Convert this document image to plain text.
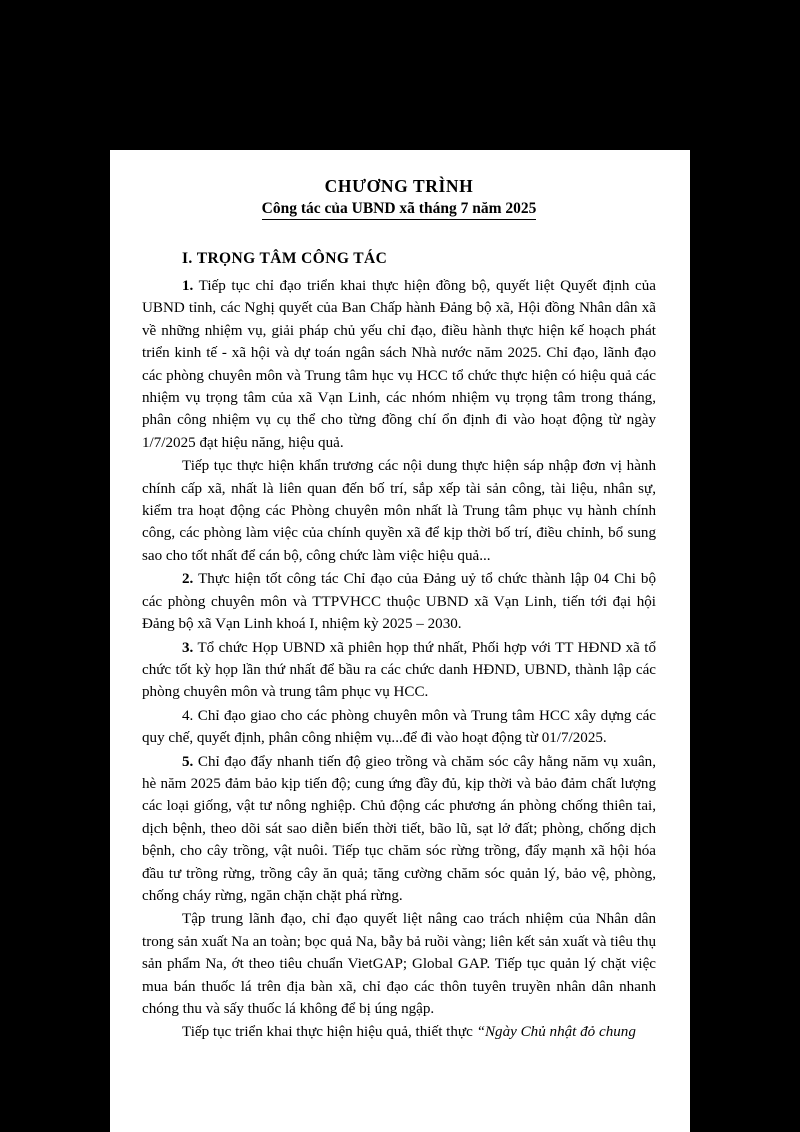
CHƯƠNG TRÌNH
Công tác của UBND xã tháng 7 năm 2025
I. TRỌNG TÂM CÔNG TÁC

1. Tiếp tục chỉ đạo triển khai thực hiện đồng bộ, quyết liệt Quyết định của UBND tỉnh, các Nghị quyết của Ban Chấp hành Đảng bộ xã, Hội đồng Nhân dân xã về những nhiệm vụ, giải pháp chủ yếu chỉ đạo, điều hành thực hiện kế hoạch phát triển kinh tế - xã hội và dự toán ngân sách Nhà nước năm 2025. Chỉ đạo, lãnh đạo các phòng chuyên môn và Trung tâm hục vụ HCC tổ chức thực hiện có hiệu quả các nhiệm vụ trọng tâm của xã Vạn Linh, các nhóm nhiệm vụ trọng tâm trong tháng, phân công nhiệm vụ cụ thể cho từng đồng chí ổn định đi vào hoạt động từ ngày 1/7/2025 đạt hiệu năng, hiệu quả.

Tiếp tục thực hiện khẩn trương các nội dung thực hiện sáp nhập đơn vị hành chính cấp xã, nhất là liên quan đến bố trí, sắp xếp tài sản công, tài liệu, nhân sự, kiểm tra hoạt động các Phòng chuyên môn nhất là Trung tâm phục vụ hành chính công, các phòng làm việc của chính quyền xã để kịp thời bố trí, điều chỉnh, bổ sung sao cho tốt nhất để cán bộ, công chức làm việc hiệu quả...

2. Thực hiện tốt công tác Chỉ đạo của Đảng uỷ tổ chức thành lập 04 Chi bộ các phòng chuyên môn và TTPVHCC thuộc UBND xã Vạn Linh, tiến tới đại hội Đảng bộ xã Vạn Linh khoá I, nhiệm kỳ 2025 – 2030.

3. Tổ chức Họp UBND xã phiên họp thứ nhất, Phối hợp với TT HĐND xã tổ chức tốt kỳ họp lần thứ nhất để bầu ra các chức danh HĐND, UBND, thành lập các phòng chuyên môn và trung tâm phục vụ HCC.

4. Chỉ đạo giao cho các phòng chuyên môn và Trung tâm HCC xây dựng các quy chế, quyết định, phân công nhiệm vụ...để đi vào hoạt động từ 01/7/2025.

5. Chỉ đạo đẩy nhanh tiến độ gieo trồng và chăm sóc cây hằng năm vụ xuân, hè năm 2025 đảm bảo kịp tiến độ; cung ứng đầy đủ, kịp thời và bảo đảm chất lượng các loại giống, vật tư nông nghiệp. Chủ động các phương án phòng chống thiên tai, dịch bệnh, theo dõi sát sao diễn biến thời tiết, bão lũ, sạt lở đất; phòng, chống dịch bệnh, cho cây trồng, vật nuôi. Tiếp tục chăm sóc rừng trồng, đẩy mạnh xã hội hóa đầu tư trồng rừng, trồng cây ăn quả; tăng cường chăm sóc quản lý, bảo vệ, phòng, chống cháy rừng, ngăn chặn chặt phá rừng.

Tập trung lãnh đạo, chỉ đạo quyết liệt nâng cao trách nhiệm của Nhân dân trong sản xuất Na an toàn; bọc quả Na, bẫy bả ruồi vàng; liên kết sản xuất và tiêu thụ sản phẩm Na, ớt theo tiêu chuẩn VietGAP; Global GAP. Tiếp tục quản lý chặt việc mua bán thuốc lá trên địa bàn xã, chỉ đạo các thôn tuyên truyền nhân dân nhanh chóng thu và sấy thuốc lá không để bị úng ngập.

Tiếp tục triển khai thực hiện hiệu quả, thiết thực “Ngày Chủ nhật đỏ chung
